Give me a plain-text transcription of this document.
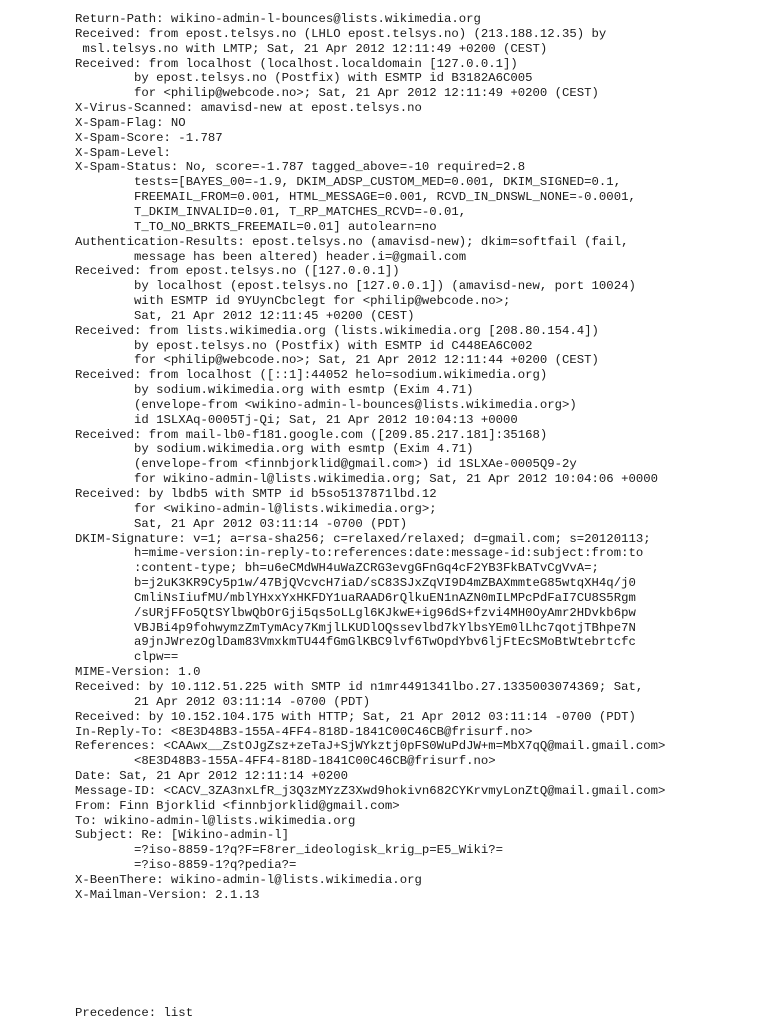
Return-Path: wikino-admin-l-bounces@lists.wikimedia.org
Received: from epost.telsys.no (LHLO epost.telsys.no) (213.188.12.35) by
msl.telsys.no with LMTP; Sat, 21 Apr 2012 12:11:49 +0200 (CEST)
Received: from localhost (localhost.localdomain [127.0.0.1])
by epost.telsys.no (Postfix) with ESMTP id B3182A6C005
for <philip@webcode.no>; Sat, 21 Apr 2012 12:11:49 +0200 (CEST)
X-Virus-Scanned: amavisd-new at epost.telsys.no
X-Spam-Flag: NO
X-Spam-Score: -1.787
X-Spam-Level:
X-Spam-Status: No, score=-1.787 tagged_above=-10 required=2.8
tests=[BAYES_00=-1.9, DKIM_ADSP_CUSTOM_MED=0.001, DKIM_SIGNED=0.1,
FREEMAIL_FROM=0.001, HTML_MESSAGE=0.001, RCVD_IN_DNSWL_NONE=-0.0001,
T_DKIM_INVALID=0.01, T_RP_MATCHES_RCVD=-0.01,
T_TO_NO_BRKTS_FREEMAIL=0.01] autolearn=no
Authentication-Results: epost.telsys.no (amavisd-new); dkim=softfail (fail,
message has been altered) header.i=@gmail.com
Received: from epost.telsys.no ([127.0.0.1])
by localhost (epost.telsys.no [127.0.0.1]) (amavisd-new, port 10024)
with ESMTP id 9YUynCbclegt for <philip@webcode.no>;
Sat, 21 Apr 2012 12:11:45 +0200 (CEST)
Received: from lists.wikimedia.org (lists.wikimedia.org [208.80.154.4])
by epost.telsys.no (Postfix) with ESMTP id C448EA6C002
for <philip@webcode.no>; Sat, 21 Apr 2012 12:11:44 +0200 (CEST)
Received: from localhost ([::1]:44052 helo=sodium.wikimedia.org)
by sodium.wikimedia.org with esmtp (Exim 4.71)
(envelope-from <wikino-admin-l-bounces@lists.wikimedia.org>)
id 1SLXAq-0005Tj-Qi; Sat, 21 Apr 2012 10:04:13 +0000
Received: from mail-lb0-f181.google.com ([209.85.217.181]:35168)
by sodium.wikimedia.org with esmtp (Exim 4.71)
(envelope-from <finnbjorklid@gmail.com>) id 1SLXAe-0005Q9-2y
for wikino-admin-l@lists.wikimedia.org; Sat, 21 Apr 2012 10:04:06 +0000
Received: by lbdb5 with SMTP id b5so5137871lbd.12
for <wikino-admin-l@lists.wikimedia.org>;
Sat, 21 Apr 2012 03:11:14 -0700 (PDT)
DKIM-Signature: v=1; a=rsa-sha256; c=relaxed/relaxed; d=gmail.com; s=20120113;
h=mime-version:in-reply-to:references:date:message-id:subject:from:to
:content-type; bh=u6eCMdWH4uWaZCRG3evgGFnGq4cF2YB3FkBATvCgVvA=;
b=j2uK3KR9Cy5p1w/47BjQVcvcH7iaD/sC83SJxZqVI9D4mZBAXmmteG85wtqXH4q/j0
CmliNsIiufMU/mblYHxxYxHKFDY1uaRAAD6rQlkuEN1nAZN0mILMPcPdFaI7CU8S5Rgm
/sURjFFo5QtSYlbwQbOrGji5qs5oLLgl6KJkwE+ig96dS+fzvi4MH0OyAmr2HDvkb6pw
VBJBi4p9fohwymzZmTymAcy7KmjlLKUDlOQssevlbd7kYlbsYEm0lLhc7qotjTBhpe7N
a9jnJWrezOglDam83VmxkmTU44fGmGlKBC9lvf6TwOpdYbv6ljFtEcSMoBtWtebrtcfc
clpw==
MIME-Version: 1.0
Received: by 10.112.51.225 with SMTP id n1mr4491341lbo.27.1335003074369; Sat,
21 Apr 2012 03:11:14 -0700 (PDT)
Received: by 10.152.104.175 with HTTP; Sat, 21 Apr 2012 03:11:14 -0700 (PDT)
In-Reply-To: <8E3D48B3-155A-4FF4-818D-1841C00C46CB@frisurf.no>
References: <CAAwx__ZstOJgZsz+zeTaJ+SjWYkztj0pFS0WuPdJW+m=MbX7qQ@mail.gmail.com>
<8E3D48B3-155A-4FF4-818D-1841C00C46CB@frisurf.no>
Date: Sat, 21 Apr 2012 12:11:14 +0200
Message-ID: <CACV_3ZA3nxLfR_j3Q3zMYzZ3Xwd9hokivn682CYKrvmyLonZtQ@mail.gmail.com>
From: Finn Bjorklid <finnbjorklid@gmail.com>
To: wikino-admin-l@lists.wikimedia.org
Subject: Re: [Wikino-admin-l]
=?iso-8859-1?q?F=F8rer_ideologisk_krig_p=E5_Wiki?=
=?iso-8859-1?q?pedia?=
X-BeenThere: wikino-admin-l@lists.wikimedia.org
X-Mailman-Version: 2.1.13
Precedence: list
